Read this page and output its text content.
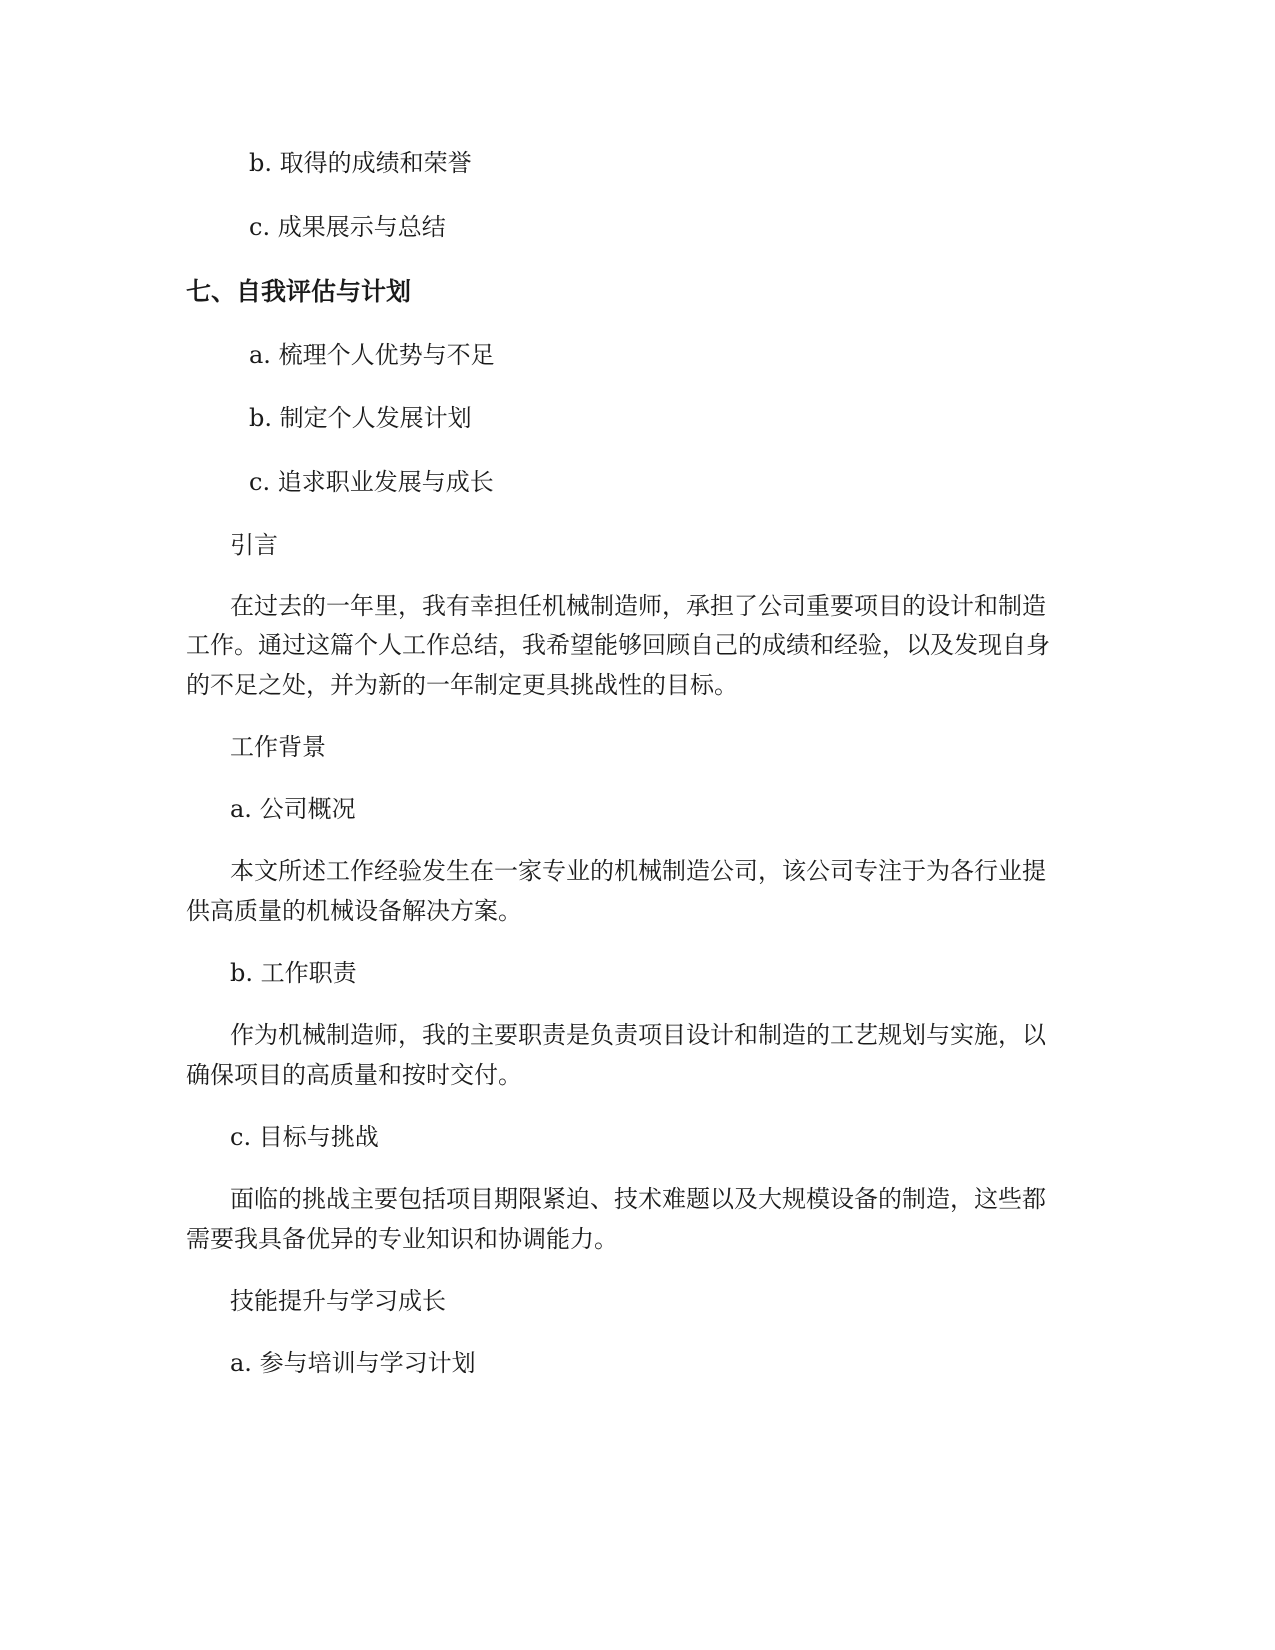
b. 取得的成绩和荣誉
c. 成果展示与总结
七、自我评估与计划
a. 梳理个人优势与不足
b. 制定个人发展计划
c. 追求职业发展与成长
引言
在过去的一年里，我有幸担任机械制造师，承担了公司重要项目的设计和制造
工作。通过这篇个人工作总结，我希望能够回顾自己的成绩和经验，以及发现自身
的不足之处，并为新的一年制定更具挑战性的目标。
工作背景
a. 公司概况
本文所述工作经验发生在一家专业的机械制造公司，该公司专注于为各行业提
供高质量的机械设备解决方案。
b. 工作职责
作为机械制造师，我的主要职责是负责项目设计和制造的工艺规划与实施，以
确保项目的高质量和按时交付。
c. 目标与挑战
面临的挑战主要包括项目期限紧迫、技术难题以及大规模设备的制造，这些都
需要我具备优异的专业知识和协调能力。
技能提升与学习成长
a. 参与培训与学习计划
